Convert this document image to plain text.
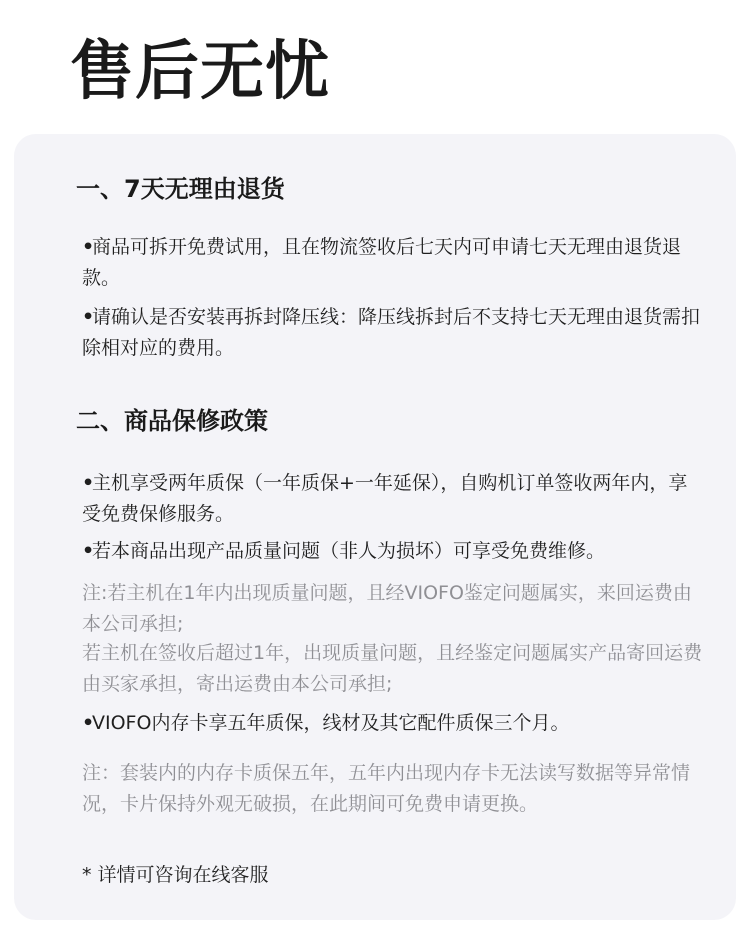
售后无忧
一、7天无理由退货

•商品可拆开免费试用，且在物流签收后七天内可申请七天无理由退货退款。

•请确认是否安装再拆封降压线：降压线拆封后不支持七天无理由退货需扣除相对应的费用。

二、商品保修政策

•主机享受两年质保（一年质保+一年延保），自购机订单签收两年内，享受免费保修服务。

•若本商品出现产品质量问题（非人为损坏）可享受免费维修。

注:若主机在1年内出现质量问题，且经VIOFO鉴定问题属实，来回运费由本公司承担;

若主机在签收后超过1年，出现质量问题，且经鉴定问题属实产品寄回运费由买家承担，寄出运费由本公司承担;

•VIOFO内存卡享五年质保，线材及其它配件质保三个月。

注：套装内的内存卡质保五年，五年内出现内存卡无法读写数据等异常情况，卡片保持外观无破损，在此期间可免费申请更换。

* 详情可咨询在线客服
